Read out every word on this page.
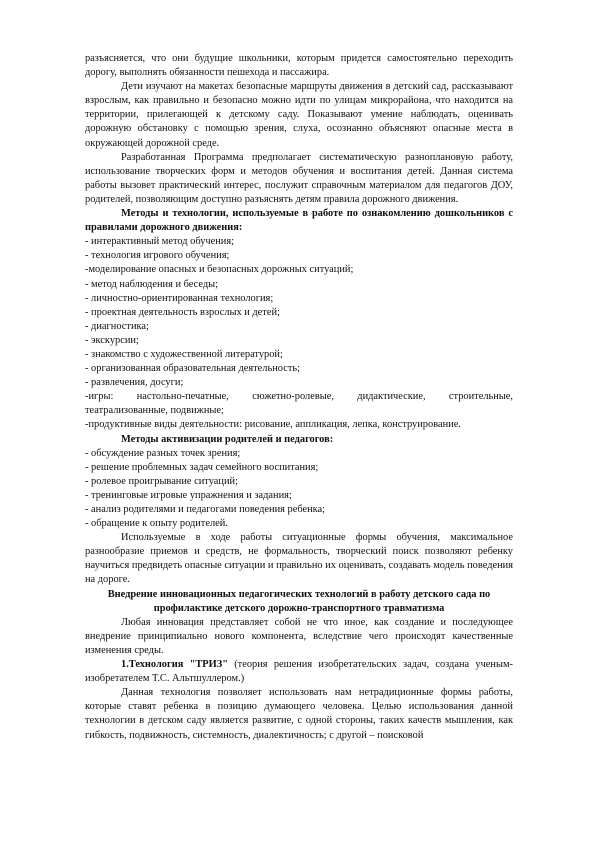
разъясняется, что они будущие школьники, которым придется самостоятельно переходить дорогу, выполнять обязанности пешехода и пассажира.

Дети изучают на макетах безопасные маршруты движения в детский сад, рассказывают взрослым, как правильно и безопасно можно идти по улицам микрорайона, что находится на территории, прилегающей к детскому саду. Показывают умение наблюдать, оценивать дорожную обстановку с помощью зрения, слуха, осознанно объясняют опасные места в окружающей дорожной среде.

Разработанная Программа предполагает систематическую разноплановую работу, использование творческих форм и методов обучения и воспитания детей. Данная система работы вызовет практический интерес, послужит справочным материалом для педагогов ДОУ, родителей, позволяющим доступно разъяснять детям правила дорожного движения.

Методы и технологии, используемые в работе по ознакомлению дошкольников с правилами дорожного движения:

- интерактивный метод обучения;

- технология игрового обучения;

-моделирование опасных и безопасных дорожных ситуаций;

- метод наблюдения и беседы;

- личностно-ориентированная технология;

- проектная деятельность взрослых и детей;

- диагностика;

- экскурсии;

- знакомство с художественной литературой;

- организованная образовательная деятельность;

- развлечения, досуги;

-игры: настольно-печатные, сюжетно-ролевые, дидактические, строительные,

театрализованные, подвижные;

-продуктивные виды деятельности: рисование, аппликация, лепка, конструирование.

Методы активизации родителей и педагогов:

- обсуждение разных точек зрения;

- решение проблемных задач семейного воспитания;

- ролевое проигрывание ситуаций;

- тренинговые игровые упражнения и задания;

- анализ родителями и педагогами поведения ребенка;

- обращение к опыту родителей.

Используемые в ходе работы ситуационные формы обучения, максимальное разнообразие приемов и средств, не формальность, творческий поиск позволяют ребенку научиться предвидеть опасные ситуации и правильно их оценивать, создавать модель поведения на дороге.

Внедрение инновационных педагогических технологий в работу детского сада по профилактике детского дорожно-транспортного травматизма

Любая инновация представляет собой не что иное, как создание и последующее внедрение принципиально нового компонента, вследствие чего происходят качественные изменения среды.

1.Технология "ТРИЗ" (теория решения изобретательских задач, создана ученым-изобретателем Т.С. Альтшуллером.)

Данная технология позволяет использовать нам нетрадиционные формы работы, которые ставят ребенка в позицию думающего человека. Целью использования данной технологии в детском саду является развитие, с одной стороны, таких качеств мышления, как гибкость, подвижность, системность, диалектичность; с другой – поисковой
